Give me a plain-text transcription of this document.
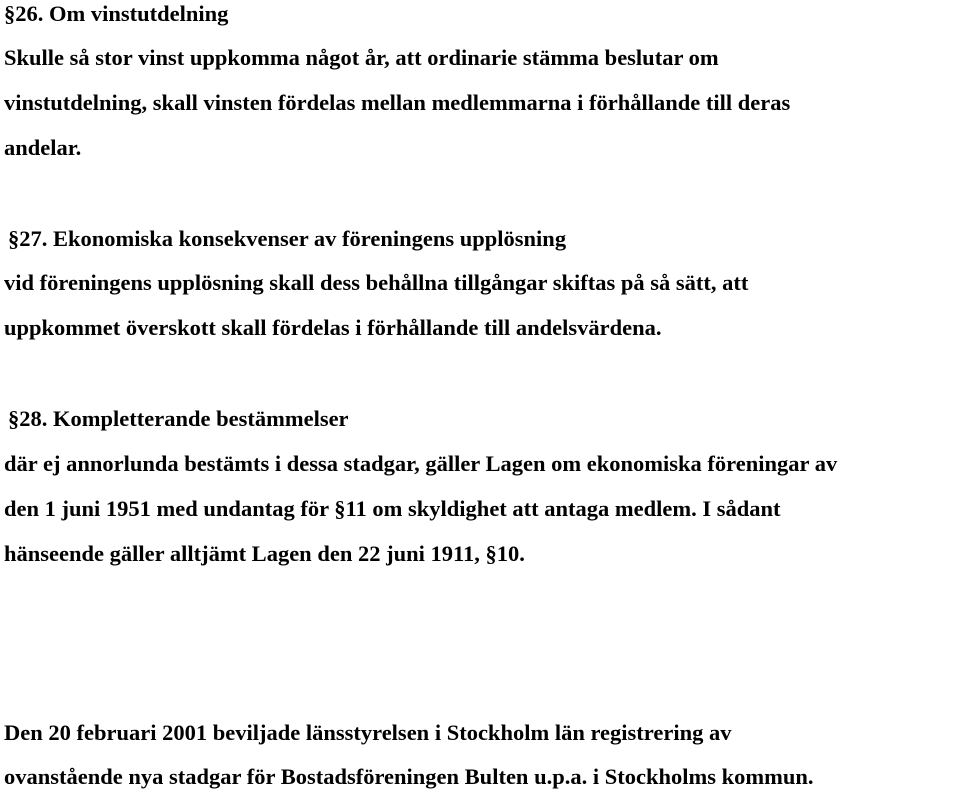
§26. Om vinstutdelning
Skulle så stor vinst uppkomma något år, att ordinarie stämma beslutar om
vinstutdelning, skall vinsten fördelas mellan medlemmarna i förhållande till deras
andelar.
§27. Ekonomiska konsekvenser av föreningens upplösning
vid föreningens upplösning skall dess behållna tillgångar skiftas på så sätt, att
uppkommet överskott skall fördelas i förhållande till andelsvärdena.
§28. Kompletterande bestämmelser
där ej annorlunda bestämts i dessa stadgar, gäller Lagen om ekonomiska föreningar av
den 1 juni 1951 med undantag för §11 om skyldighet att antaga medlem. I sådant
hänseende gäller alltjämt Lagen den 22 juni 1911, §10.
Den 20 februari 2001 beviljade länsstyrelsen i Stockholm län registrering av
ovanstående nya stadgar för Bostadsföreningen Bulten u.p.a. i Stockholms kommun.
